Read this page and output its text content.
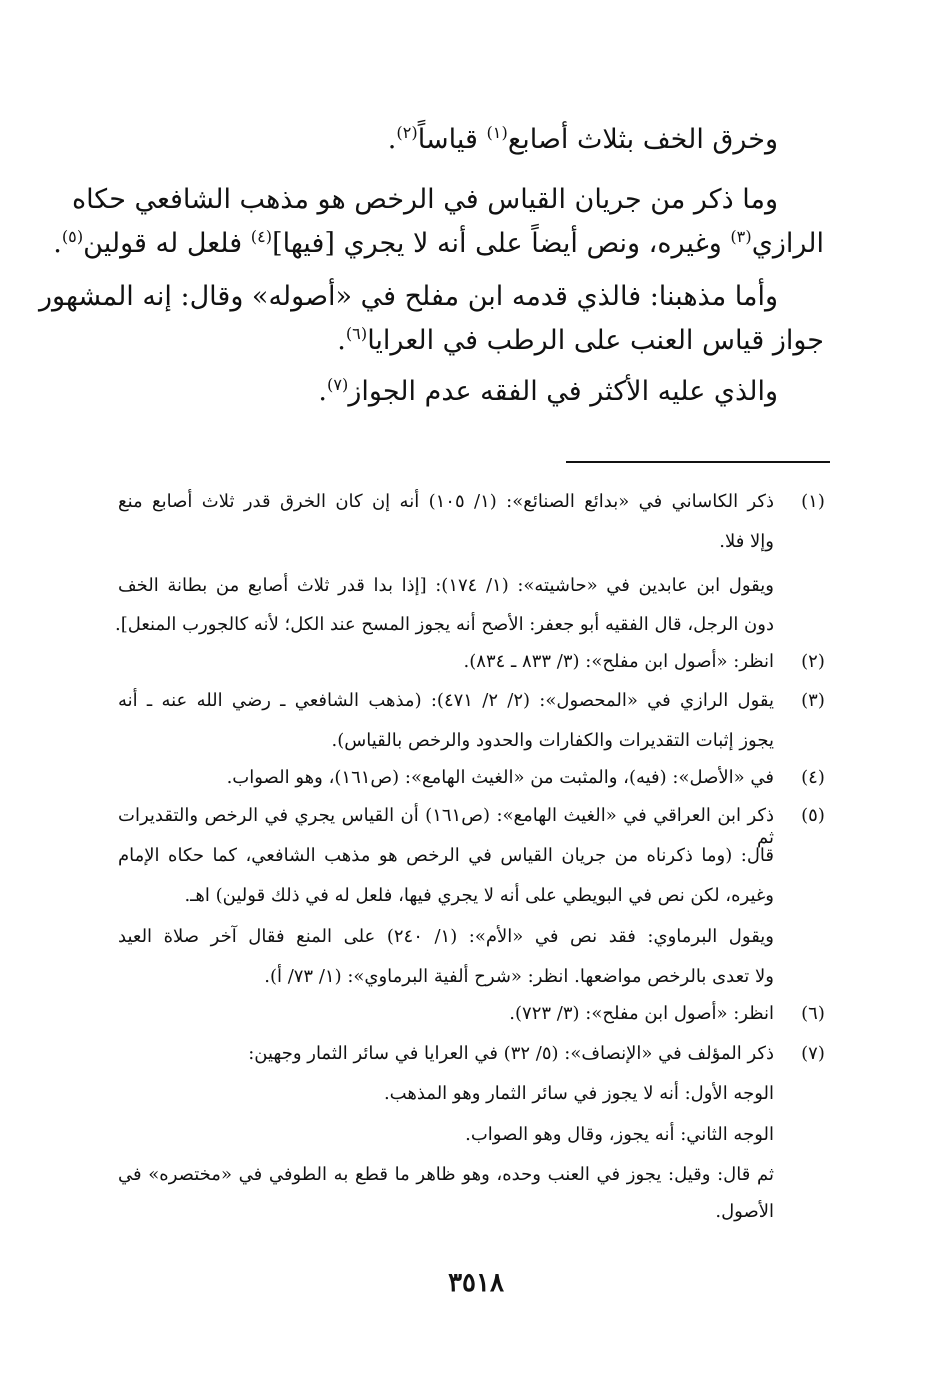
وخرق الخف بثلاث أصابع$^{(١)}$ قياساً$^{(٢)}$.

وما ذكر من جريان القياس في الرخص هو مذهب الشافعي حكاه

الرازي$^{(٣)}$ وغيره، ونص أيضاً على أنه لا يجري [فيها]$^{(٤)}$ فلعل له قولين$^{(٥)}$.

وأما مذهبنا: فالذي قدمه ابن مفلح في «أصوله» وقال: إنه المشهور

جواز قياس العنب على الرطب في العرايا$^{(٦)}$.

والذي عليه الأكثر في الفقه عدم الجواز$^{(٧)}$.

(١)
ذكر الكاساني في «بدائع الصنائع»: (١/ ١٠٥) أنه إن كان الخرق قدر ثلاث أصابع منع
وإلا فلا.
ويقول ابن عابدين في «حاشيته»: (١/ ١٧٤): [إذا بدا قدر ثلاث أصابع من بطانة الخف
دون الرجل، قال الفقيه أبو جعفر: الأصح أنه يجوز المسح عند الكل؛ لأنه كالجورب المنعل].
(٢)
انظر: «أصول ابن مفلح»: (٣/ ٨٣٣ ـ ٨٣٤).
(٣)
يقول الرازي في «المحصول»: (٢/ ٢/ ٤٧١): (مذهب الشافعي ـ رضي الله عنه ـ أنه
يجوز إثبات التقديرات والكفارات والحدود والرخص بالقياس).
(٤)
في «الأصل»: (فيه)، والمثبت من «الغيث الهامع»: (ص١٦١)، وهو الصواب.
(٥)
ذكر ابن العراقي في «الغيث الهامع»: (ص١٦١) أن القياس يجري في الرخص والتقديرات ثم
قال: (وما ذكرناه من جريان القياس في الرخص هو مذهب الشافعي، كما حكاه الإمام
وغيره، لكن نص في البويطي على أنه لا يجري فيها، فلعل له في ذلك قولين) اهـ.
ويقول البرماوي: فقد نص في «الأم»: (١/ ٢٤٠) على المنع فقال آخر صلاة العيد
ولا تعدى بالرخص مواضعها. انظر: «شرح ألفية البرماوي»: (١/ ٧٣/ أ).
(٦)
انظر: «أصول ابن مفلح»: (٣/ ٧٢٣).
(٧)
ذكر المؤلف في «الإنصاف»: (٥/ ٣٢) في العرايا في سائر الثمار وجهين:
الوجه الأول: أنه لا يجوز في سائر الثمار وهو المذهب.
الوجه الثاني: أنه يجوز، وقال وهو الصواب.
ثم قال: وقيل: يجوز في العنب وحده، وهو ظاهر ما قطع به الطوفي في «مختصره» في
الأصول.
٣٥١٨
